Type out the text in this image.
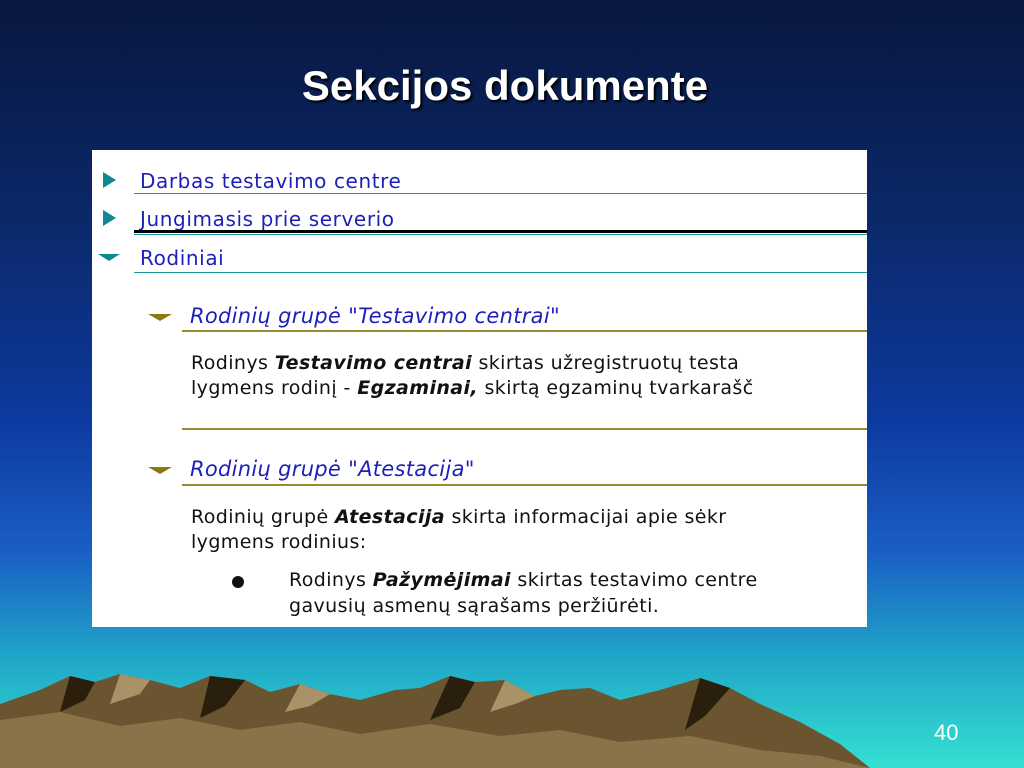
Sekcijos dokumente
Darbas testavimo centre
Jungimasis prie serverio
Rodiniai
Rodinių grupė "Testavimo centrai"
Rodinys Testavimo centrai skirtas užregistruotų testa
lygmens rodinį - Egzaminai, skirtą egzaminų tvarkarašč
Rodinių grupė "Atestacija"
Rodinių grupė Atestacija skirta informacijai apie sėkr
lygmens rodinius:
Rodinys Pažymėjimai skirtas testavimo centre
gavusių asmenų sąrašams peržiūrėti.
40
